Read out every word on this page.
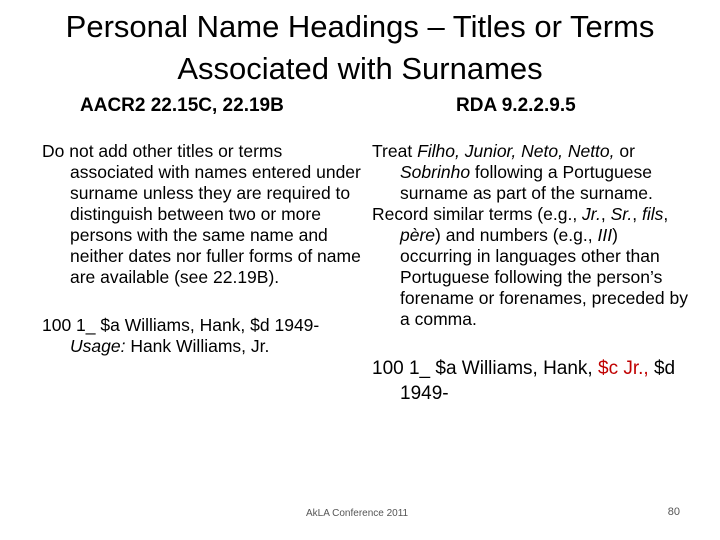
Personal Name Headings – Titles or Terms
Associated with Surnames
AACR2 22.15C, 22.19B	RDA 9.2.2.9.5

Do not add other titles or terms associated with names entered under surname unless they are required to distinguish between two or more persons with the same name and neither dates nor fuller forms of name are available (see 22.19B).

100 1_ $a Williams, Hank, $d 1949-
Usage: Hank Williams, Jr.

Treat Filho, Junior, Neto, Netto, or Sobrinho following a Portuguese surname as part of the surname.

Record similar terms (e.g., Jr., Sr., fils, père) and numbers (e.g., III) occurring in languages other than Portuguese following the person’s forename or forenames, preceded by a comma.

100 1_ $a Williams, Hank, $c Jr., $d 1949-

AkLA Conference 2011	80
